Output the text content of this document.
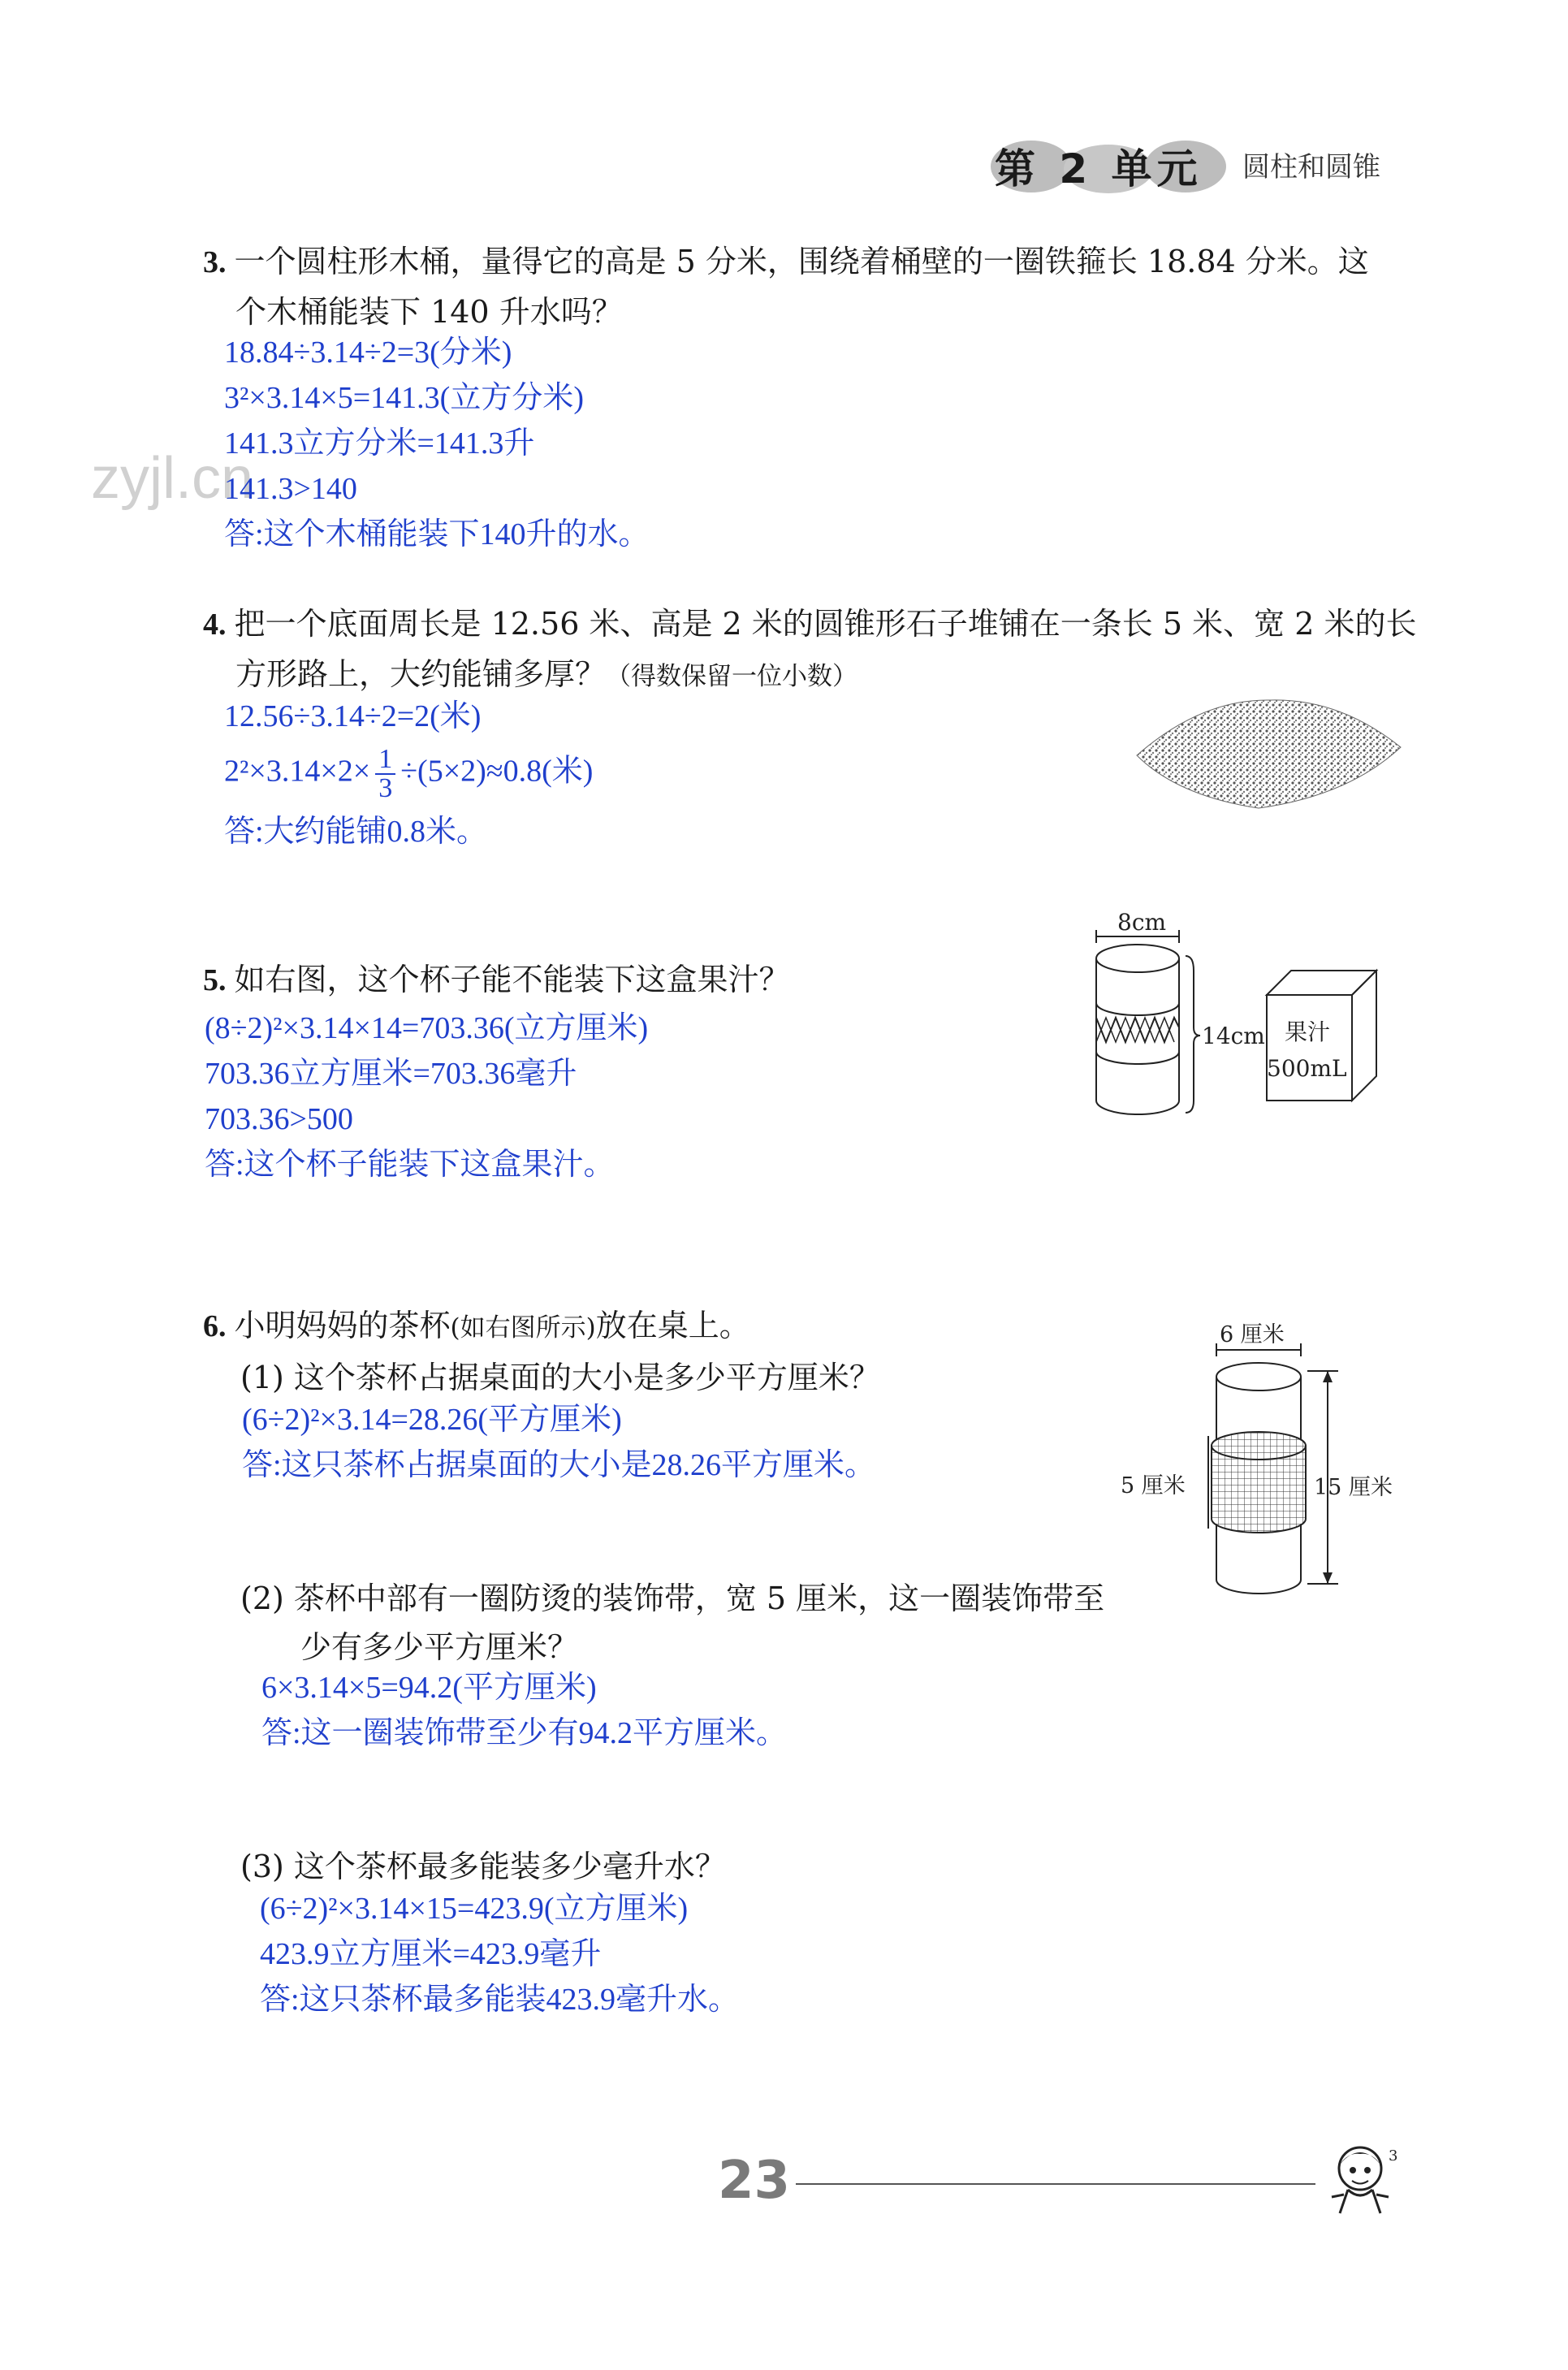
第 2 单元 圆柱和圆锥
zyjl.cn
3. 一个圆柱形木桶，量得它的高是 5 分米，围绕着桶壁的一圈铁箍长 18.84 分米。这
个木桶能装下 140 升水吗？
18.84÷3.14÷2=3(分米)
3²×3.14×5=141.3(立方分米)
141.3立方分米=141.3升
141.3>140
答:这个木桶能装下140升的水。
4. 把一个底面周长是 12.56 米、高是 2 米的圆锥形石子堆铺在一条长 5 米、宽 2 米的长
方形路上，大约能铺多厚？（得数保留一位小数）
12.56÷3.14÷2=2(米)
$2^2\times 3.14\times 2\times \frac{1}{3} \div(5\times 2)\approx 0.8$(米)
答:大约能铺0.8米。
5. 如右图，这个杯子能不能装下这盒果汁？
(8÷2)²×3.14×14=703.36(立方厘米)
703.36立方厘米=703.36毫升
703.36>500
答:这个杯子能装下这盒果汁。
8cm
14cm 果汁
500mL
6. 小明妈妈的茶杯(如右图所示)放在桌上。
(1) 这个茶杯占据桌面的大小是多少平方厘米？
(6÷2)²×3.14=28.26(平方厘米)
答:这只茶杯占据桌面的大小是28.26平方厘米。
(2) 茶杯中部有一圈防烫的装饰带，宽 5 厘米，这一圈装饰带至
少有多少平方厘米？
6×3.14×5=94.2(平方厘米)
答:这一圈装饰带至少有94.2平方厘米。
(3) 这个茶杯最多能装多少毫升水？
(6÷2)²×3.14×15=423.9(立方厘米)
423.9立方厘米=423.9毫升
答:这只茶杯最多能装423.9毫升水。
6 厘米
5 厘米	15 厘米
23	3
